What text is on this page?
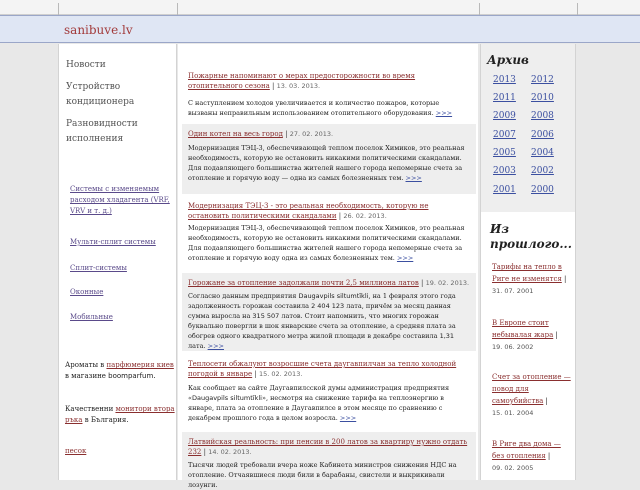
sanibuve.lv
Новости
Устройство кондиционера
Разновидности исполнения
Системы с изменяемым расходом хладагента (VRF, VRV и т. д.)
Мульти-сплит системы
Сплит-системы
Оконные
Мобильные
Ароматы в парфюмерия киев в магазине boomparfum.
Качественни монитори втора ръка в България.
песок
Пожарные напоминают о мерах предосторожности во время отопительного сезона | 13. 03. 2013.
С наступлением холодов увеличивается и количество пожаров, которые вызваны неправильным использованием отопительного оборудования. >>>
Один котел на весь город | 27. 02. 2013.
Модернизация ТЭЦ-3, обеспечивающей теплом поселок Химиков, это реальная необходимость, которую не остановить никакими политическими скандалами. Для подавляющего большинства жителей нашего города непомерные счета за отопление и горячую воду — одна из самых болезненных тем. >>>
Модернизация ТЭЦ-3 - это реальная необходимость, которую не остановить политическими скандалами | 26. 02. 2013.
Модернизация ТЭЦ-3, обеспечивающей теплом поселок Химиков, это реальная необходимость, которую не остановить никакими политическими скандалами. Для подавляющего большинства жителей нашего города непомерные счета за отопление и горячую воду одна из самых болезненных тем. >>>
Горожане за отопление задолжали почти 2,5 миллиона латов | 19. 02. 2013.
Согласно данным предприятия Daugavpils siltumtīkli, на 1 февраля этого года задолженность горожан составила 2 404 123 лата, причём за месяц данная сумма выросла на 315 507 латов. Стоит напомнить, что многих горожан буквально повергли в шок январские счета за отопление, а средняя плата за обогрев одного квадратного метра жилой площади в декабре составила 1,31 лата. >>>
Теплосети обжалуют возросшие счета даугавпилчан за тепло холодной погодой в январе | 15. 02. 2013.
Как сообщает на сайте Даугавпилсской думы администрация предприятия «Daugavpils siltumtīkli», несмотря на снижение тарифа на теплоэнергию в январе, плата за отопление в Даугавпилсе в этом месяце по сравнению с декабрем прошлого года в целом возросла. >>>
Латвийская реальность: при пенсии в 200 латов за квартиру нужно отдать 232 | 14. 02. 2013.
Тысячи людей требовали вчера ноже Кабинета министров снижения НДС на отопление. Отчаявшиеся люди били в барабаны, свистели и выкрикивали лозунги.
Архив
2013 2012
2011 2010
2009 2008
2007 2006
2005 2004
2003 2002
2001 2000
Из прошлого...
Тарифы на тепло в Риге не изменятся |
31. 07. 2001
В Европе стоит небывалая жара |
19. 06. 2002
Счет за отопление — повод для самоубийства |
15. 01. 2004
В Риге два дома — без отопления |
09. 02. 2005
